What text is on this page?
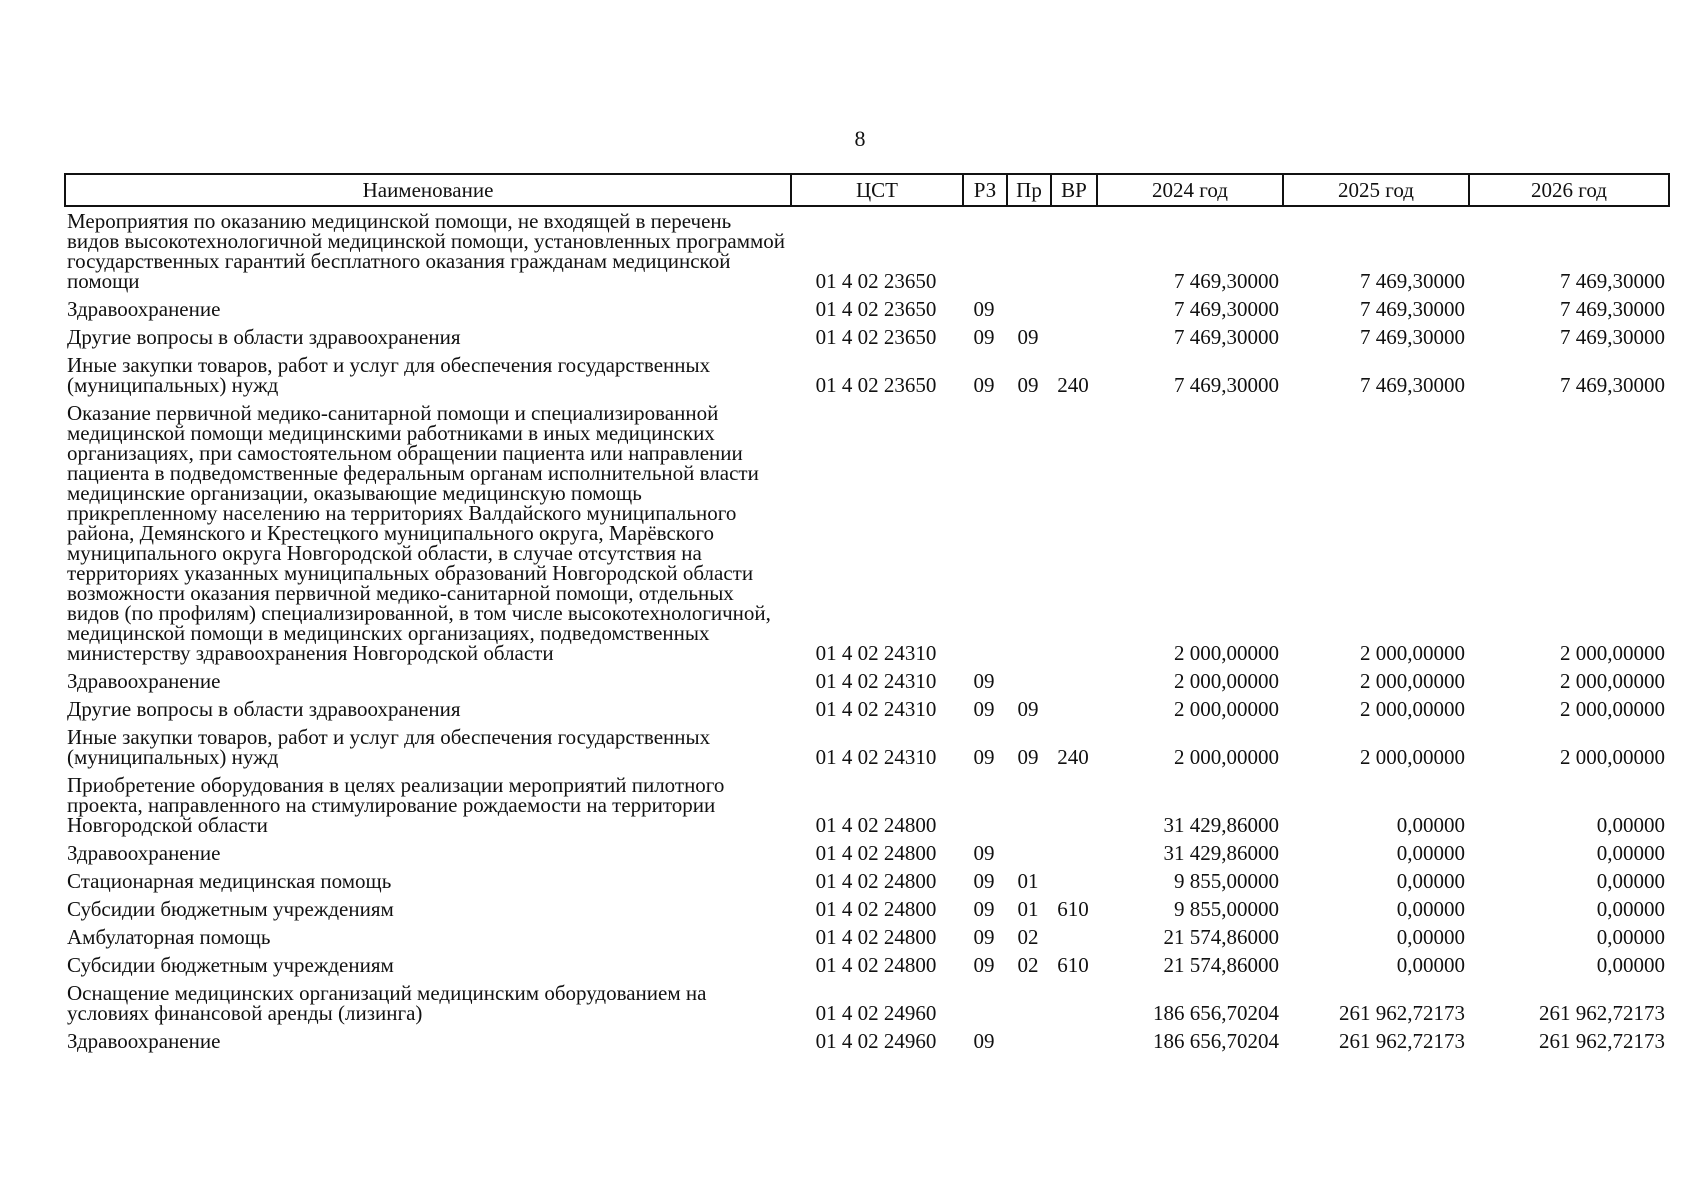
8
Наименование	ЦСТ	РЗ	Пр	ВР	2024 год	2025 год	2026 год
Мероприятия по оказанию медицинской помощи, не входящей в перечень видов высокотехнологичной медицинской помощи, установленных программой государственных гарантий бесплатного оказания гражданам медицинской помощи	01 4 02 23650				7 469,30000	7 469,30000	7 469,30000
Здравоохранение	01 4 02 23650	09			7 469,30000	7 469,30000	7 469,30000
Другие вопросы в области здравоохранения	01 4 02 23650	09	09		7 469,30000	7 469,30000	7 469,30000
Иные закупки товаров, работ и услуг для обеспечения государственных (муниципальных) нужд	01 4 02 23650	09	09	240	7 469,30000	7 469,30000	7 469,30000
Оказание первичной медико-санитарной помощи и специализированной медицинской помощи медицинскими работниками в иных медицинских организациях, при самостоятельном обращении пациента или направлении пациента в подведомственные федеральным органам исполнительной власти медицинские организации, оказывающие медицинскую помощь прикрепленному населению на территориях Валдайского муниципального района, Демянского и Крестецкого муниципального округа, Марёвского муниципального округа Новгородской области, в случае отсутствия на территориях указанных муниципальных образований Новгородской области возможности оказания первичной медико-санитарной помощи, отдельных видов (по профилям) специализированной, в том числе высокотехнологичной, медицинской помощи в медицинских организациях, подведомственных министерству здравоохранения Новгородской области	01 4 02 24310				2 000,00000	2 000,00000	2 000,00000
Здравоохранение	01 4 02 24310	09			2 000,00000	2 000,00000	2 000,00000
Другие вопросы в области здравоохранения	01 4 02 24310	09	09		2 000,00000	2 000,00000	2 000,00000
Иные закупки товаров, работ и услуг для обеспечения государственных (муниципальных) нужд	01 4 02 24310	09	09	240	2 000,00000	2 000,00000	2 000,00000
Приобретение оборудования в целях реализации мероприятий пилотного проекта, направленного на стимулирование рождаемости на территории Новгородской области	01 4 02 24800				31 429,86000	0,00000	0,00000
Здравоохранение	01 4 02 24800	09			31 429,86000	0,00000	0,00000
Стационарная медицинская помощь	01 4 02 24800	09	01		9 855,00000	0,00000	0,00000
Субсидии бюджетным учреждениям	01 4 02 24800	09	01	610	9 855,00000	0,00000	0,00000
Амбулаторная помощь	01 4 02 24800	09	02		21 574,86000	0,00000	0,00000
Субсидии бюджетным учреждениям	01 4 02 24800	09	02	610	21 574,86000	0,00000	0,00000
Оснащение медицинских организаций медицинским оборудованием на условиях финансовой аренды (лизинга)	01 4 02 24960				186 656,70204	261 962,72173	261 962,72173
Здравоохранение	01 4 02 24960	09			186 656,70204	261 962,72173	261 962,72173
